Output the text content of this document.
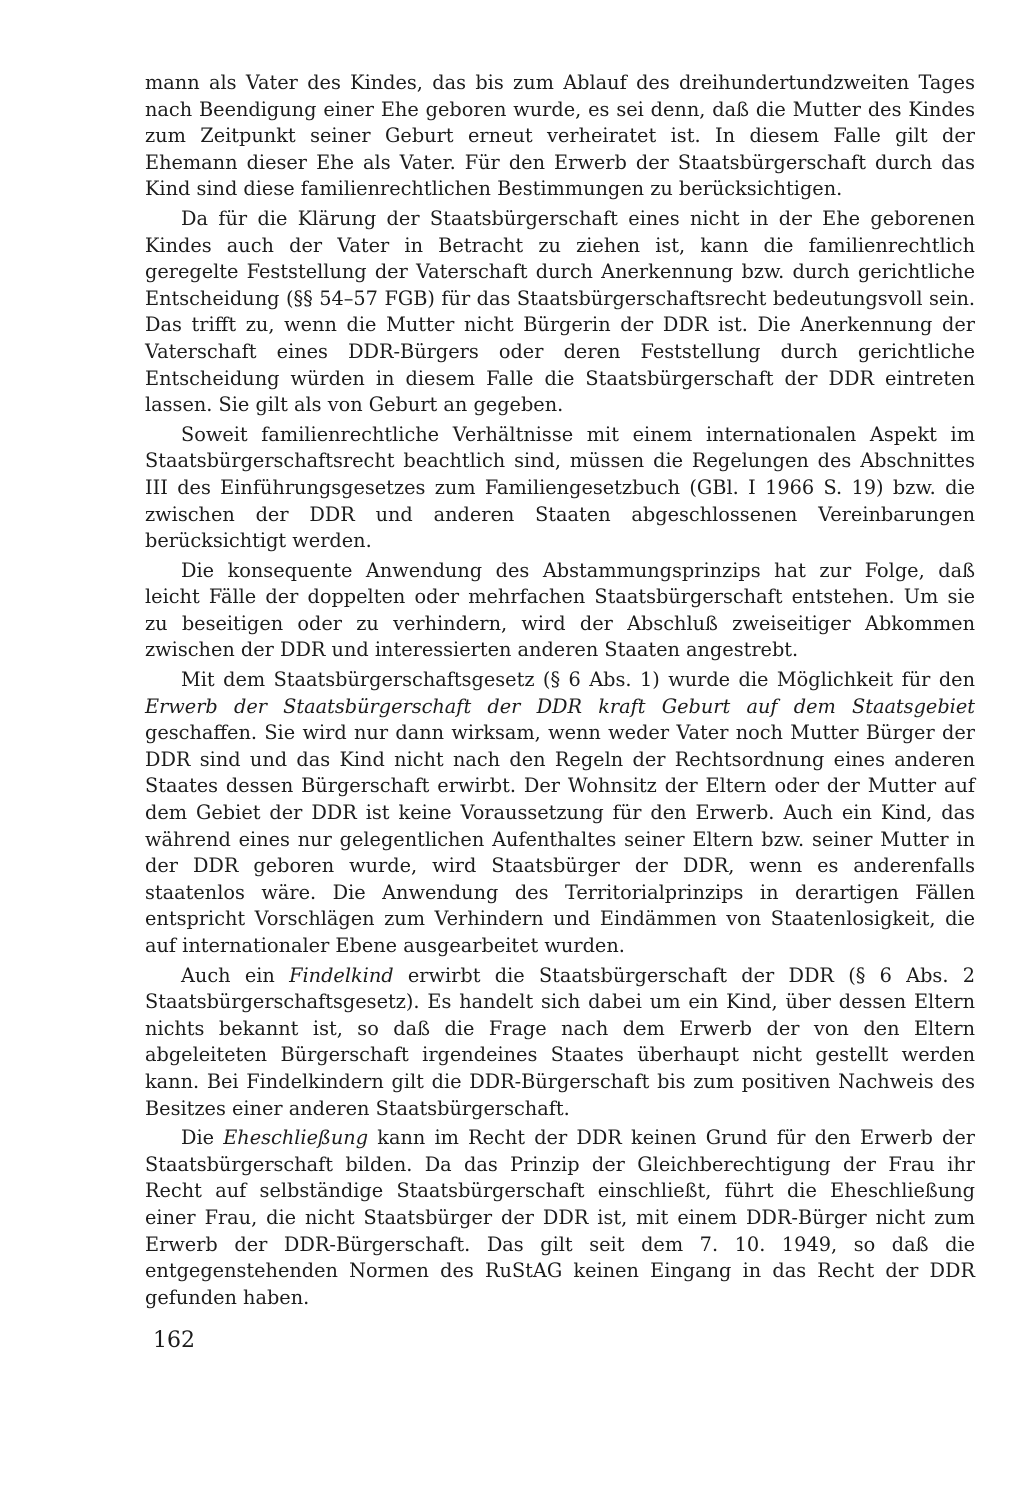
mann als Vater des Kindes, das bis zum Ablauf des dreihundertundzweiten Tages nach Beendigung einer Ehe geboren wurde, es sei denn, daß die Mutter des Kindes zum Zeitpunkt seiner Geburt erneut verheiratet ist. In diesem Falle gilt der Ehemann dieser Ehe als Vater. Für den Erwerb der Staatsbürgerschaft durch das Kind sind diese familienrechtlichen Bestimmungen zu berücksichtigen.

Da für die Klärung der Staatsbürgerschaft eines nicht in der Ehe geborenen Kindes auch der Vater in Betracht zu ziehen ist, kann die familienrechtlich geregelte Feststellung der Vaterschaft durch Anerkennung bzw. durch gerichtliche Entscheidung (§§ 54–57 FGB) für das Staatsbürgerschaftsrecht bedeutungsvoll sein. Das trifft zu, wenn die Mutter nicht Bürgerin der DDR ist. Die Anerkennung der Vaterschaft eines DDR-Bürgers oder deren Feststellung durch gerichtliche Entscheidung würden in diesem Falle die Staatsbürgerschaft der DDR eintreten lassen. Sie gilt als von Geburt an gegeben.

Soweit familienrechtliche Verhältnisse mit einem internationalen Aspekt im Staatsbürgerschaftsrecht beachtlich sind, müssen die Regelungen des Abschnittes III des Einführungsgesetzes zum Familiengesetzbuch (GBl. I 1966 S. 19) bzw. die zwischen der DDR und anderen Staaten abgeschlossenen Vereinbarungen berücksichtigt werden.

Die konsequente Anwendung des Abstammungsprinzips hat zur Folge, daß leicht Fälle der doppelten oder mehrfachen Staatsbürgerschaft entstehen. Um sie zu beseitigen oder zu verhindern, wird der Abschluß zweiseitiger Abkommen zwischen der DDR und interessierten anderen Staaten angestrebt.

Mit dem Staatsbürgerschaftsgesetz (§ 6 Abs. 1) wurde die Möglichkeit für den Erwerb der Staatsbürgerschaft der DDR kraft Geburt auf dem Staatsgebiet geschaffen. Sie wird nur dann wirksam, wenn weder Vater noch Mutter Bürger der DDR sind und das Kind nicht nach den Regeln der Rechtsordnung eines anderen Staates dessen Bürgerschaft erwirbt. Der Wohnsitz der Eltern oder der Mutter auf dem Gebiet der DDR ist keine Voraussetzung für den Erwerb. Auch ein Kind, das während eines nur gelegentlichen Aufenthaltes seiner Eltern bzw. seiner Mutter in der DDR geboren wurde, wird Staatsbürger der DDR, wenn es anderenfalls staatenlos wäre. Die Anwendung des Territorialprinzips in derartigen Fällen entspricht Vorschlägen zum Verhindern und Eindämmen von Staatenlosigkeit, die auf internationaler Ebene ausgearbeitet wurden.

Auch ein Findelkind erwirbt die Staatsbürgerschaft der DDR (§ 6 Abs. 2 Staatsbürgerschaftsgesetz). Es handelt sich dabei um ein Kind, über dessen Eltern nichts bekannt ist, so daß die Frage nach dem Erwerb der von den Eltern abgeleiteten Bürgerschaft irgendeines Staates überhaupt nicht gestellt werden kann. Bei Findelkindern gilt die DDR-Bürgerschaft bis zum positiven Nachweis des Besitzes einer anderen Staatsbürgerschaft.

Die Eheschließung kann im Recht der DDR keinen Grund für den Erwerb der Staatsbürgerschaft bilden. Da das Prinzip der Gleichberechtigung der Frau ihr Recht auf selbständige Staatsbürgerschaft einschließt, führt die Eheschließung einer Frau, die nicht Staatsbürger der DDR ist, mit einem DDR-Bürger nicht zum Erwerb der DDR-Bürgerschaft. Das gilt seit dem 7. 10. 1949, so daß die entgegenstehenden Normen des RuStAG keinen Eingang in das Recht der DDR gefunden haben.

162
